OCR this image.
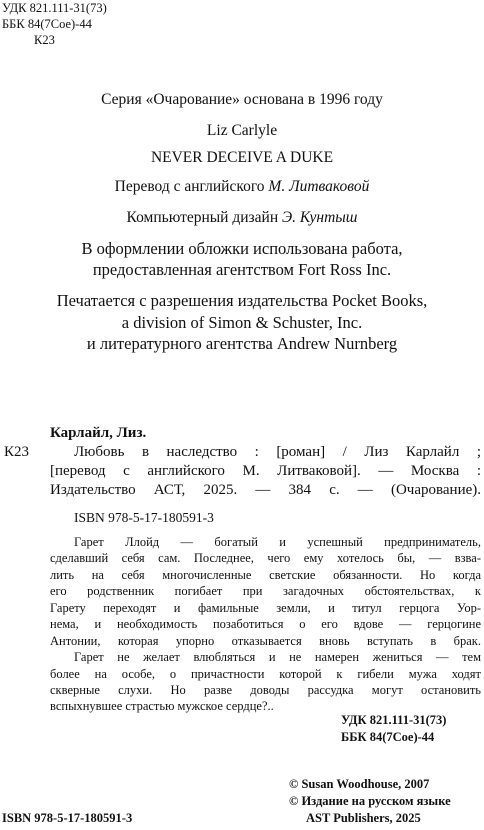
УДК 821.111-31(73)
ББК 84(7Сое)-44
К23
Серия «Очарование» основана в 1996 году
Liz Carlyle
NEVER DECEIVE A DUKE
Перевод с английского М. Литваковой
Компьютерный дизайн Э. Кунтыш
В оформлении обложки использована работа,
предоставленная агентством Fort Ross Inc.
Печатается с разрешения издательства Pocket Books,
a division of Simon & Schuster, Inc.
и литературного агентства Andrew Nurnberg
Карлайл, Лиз.
К23	Любовь в наследство : [роман] / Лиз Карлайл ;
[перевод с английского М. Литваковой]. — Москва :
Издательство АСТ, 2025. — 384 с. — (Очарование).
ISBN 978-5-17-180591-3
Гарет Ллойд — богатый и успешный предприниматель,
сделавший себя сам. Последнее, чего ему хотелось бы, — взва-
лить на себя многочисленные светские обязанности. Но когда
его родственник погибает при загадочных обстоятельствах, к
Гарету переходят и фамильные земли, и титул герцога Уор-
нема, и необходимость позаботиться о его вдове — герцогине
Антонии, которая упорно отказывается вновь вступать в брак.
Гарет не желает влюбляться и не намерен жениться — тем
более на особе, о причастности которой к гибели мужа ходят
скверные слухи. Но разве доводы рассудка могут остановить
вспыхнувшее страстью мужское сердце?..
УДК 821.111-31(73)
ББК 84(7Сое)-44
© Susan Woodhouse, 2007
© Издание на русском языке
AST Publishers, 2025
ISBN 978-5-17-180591-3
